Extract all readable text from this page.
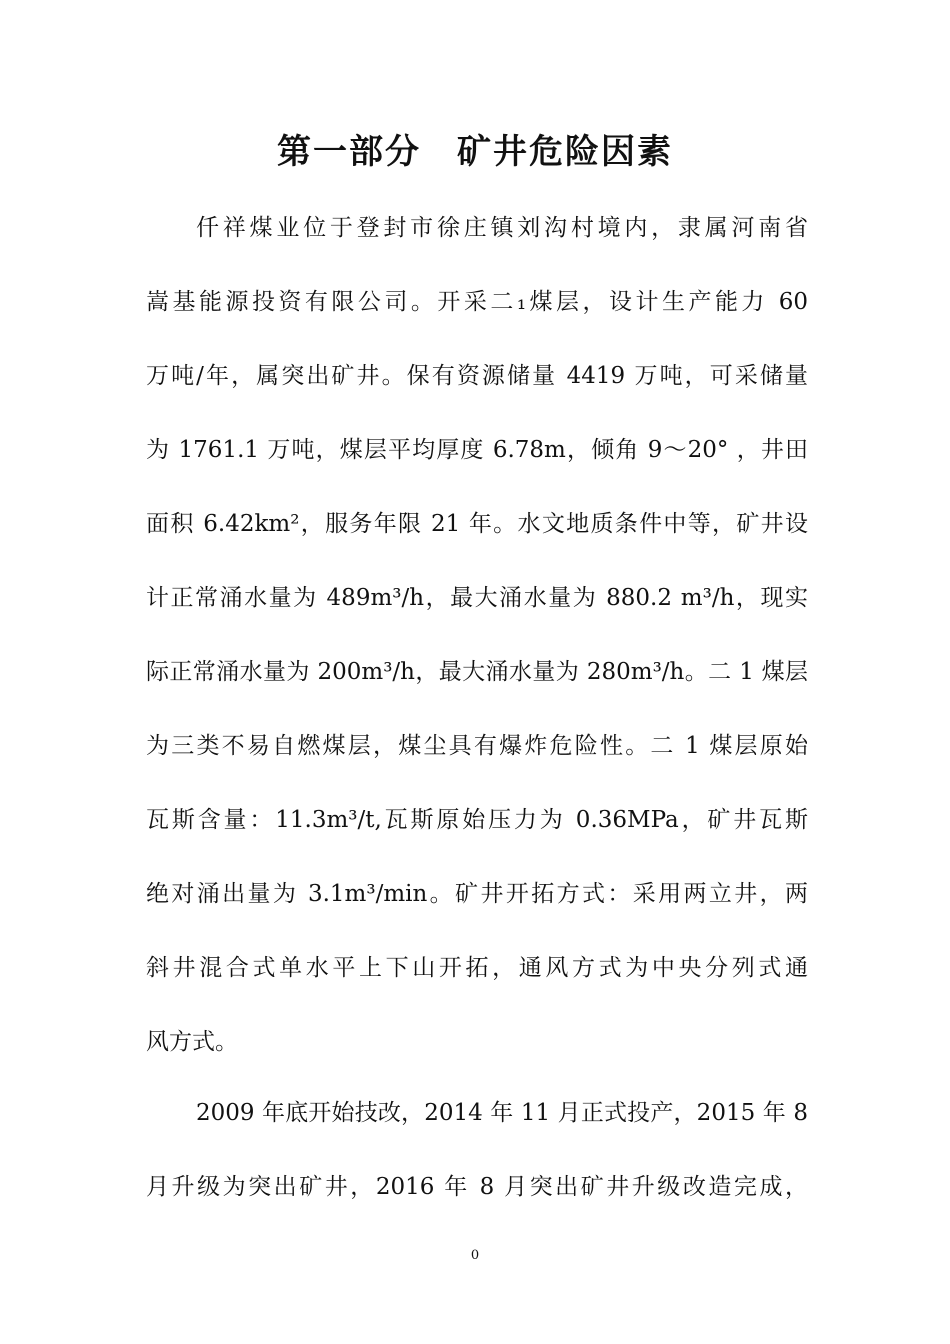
第一部分　矿井危险因素
仟祥煤业位于登封市徐庄镇刘沟村境内，隶属河南省
嵩基能源投资有限公司。开采二₁煤层，设计生产能力 60
万吨/年，属突出矿井。保有资源储量 4419 万吨，可采储量
为 1761.1 万吨，煤层平均厚度 6.78m，倾角 9～20° ，井田
面积 6.42km²，服务年限 21 年。水文地质条件中等，矿井设
计正常涌水量为 489m³/h，最大涌水量为 880.2 m³/h，现实
际正常涌水量为 200m³/h，最大涌水量为 280m³/h。二 1 煤层
为三类不易自燃煤层，煤尘具有爆炸危险性。二 1 煤层原始
瓦斯含量：11.3m³/t,瓦斯原始压力为 0.36MPa，矿井瓦斯
绝对涌出量为 3.1m³/min。矿井开拓方式：采用两立井，两
斜井混合式单水平上下山开拓，通风方式为中央分列式通
风方式。
2009 年底开始技改，2014 年 11 月正式投产，2015 年 8
月升级为突出矿井，2016 年 8 月突出矿井升级改造完成，
0
